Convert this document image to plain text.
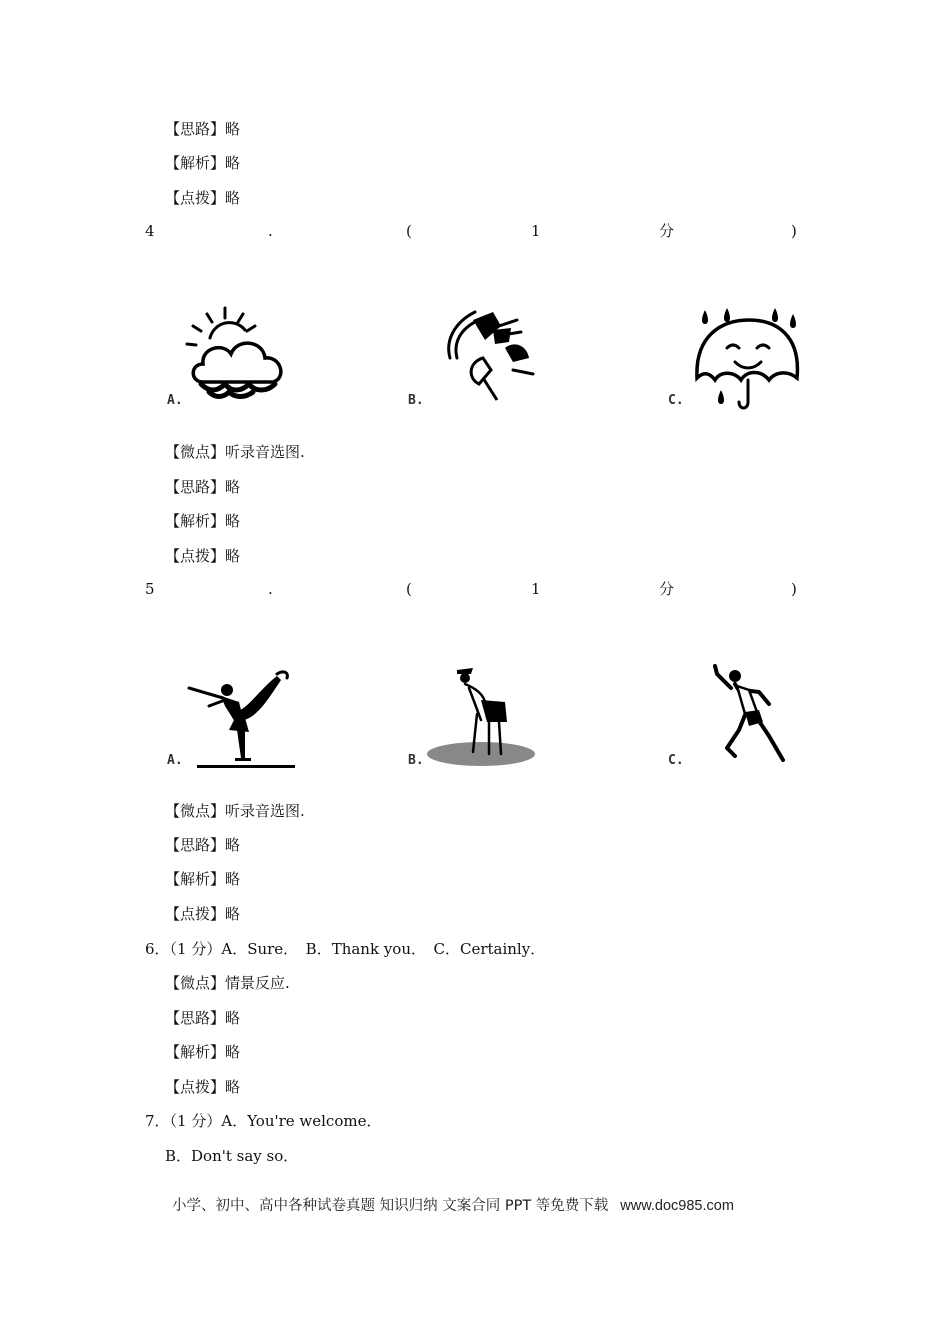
【思路】略
【解析】略
【点拨】略
4	.	(	1	分	)
A.	B.	C.
【微点】听录音选图.
【思路】略
【解析】略
【点拨】略
5	.	(	1	分	)
A.	B.	C.
【微点】听录音选图.
【思路】略
【解析】略
【点拨】略
6．（1 分）A．Sure．　B．Thank you．　C．Certainly．
【微点】情景反应.
【思路】略
【解析】略
【点拨】略
7．（1 分）A．You're welcome．
B．Don't say so．
小学、初中、高中各种试卷真题 知识归纳 文案合同 PPT 等免费下载 www.doc985.com
